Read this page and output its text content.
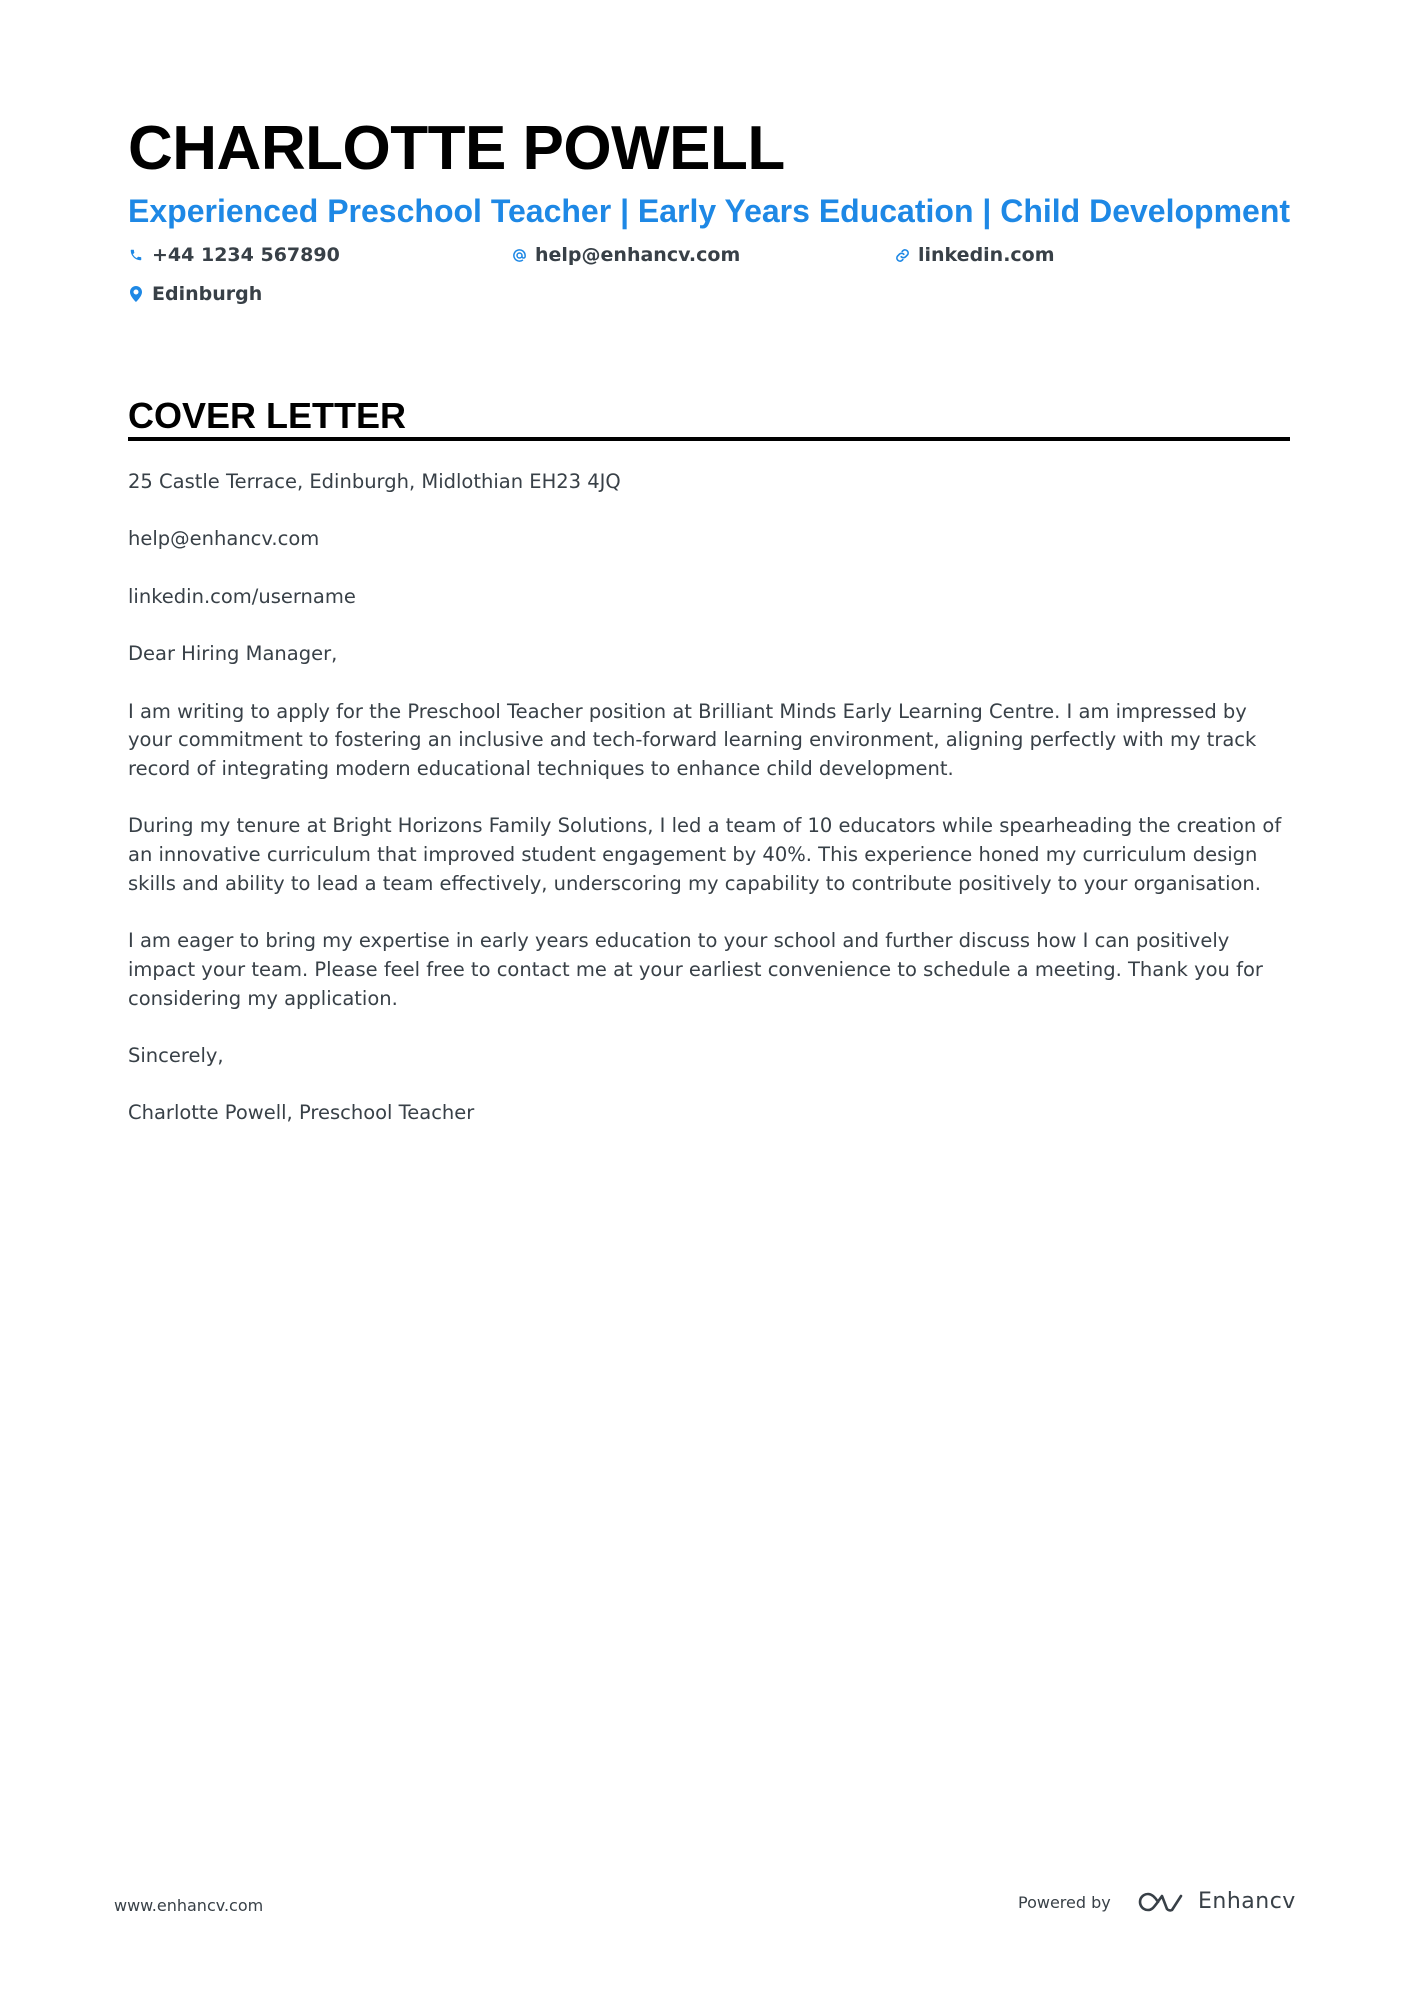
CHARLOTTE POWELL
Experienced Preschool Teacher | Early Years Education | Child Development
+44 1234 567890	help@enhancv.com	linkedin.com
Edinburgh
COVER LETTER

25 Castle Terrace, Edinburgh, Midlothian EH23 4JQ

help@enhancv.com

linkedin.com/username

Dear Hiring Manager,

I am writing to apply for the Preschool Teacher position at Brilliant Minds Early Learning Centre. I am impressed by your commitment to fostering an inclusive and tech-forward learning environment, aligning perfectly with my track record of integrating modern educational techniques to enhance child development.

During my tenure at Bright Horizons Family Solutions, I led a team of 10 educators while spearheading the creation of an innovative curriculum that improved student engagement by 40%. This experience honed my curriculum design skills and ability to lead a team effectively, underscoring my capability to contribute positively to your organisation.

I am eager to bring my expertise in early years education to your school and further discuss how I can positively impact your team. Please feel free to contact me at your earliest convenience to schedule a meeting. Thank you for considering my application.

Sincerely,

Charlotte Powell, Preschool Teacher

www.enhancv.com	Powered by	Enhancv
